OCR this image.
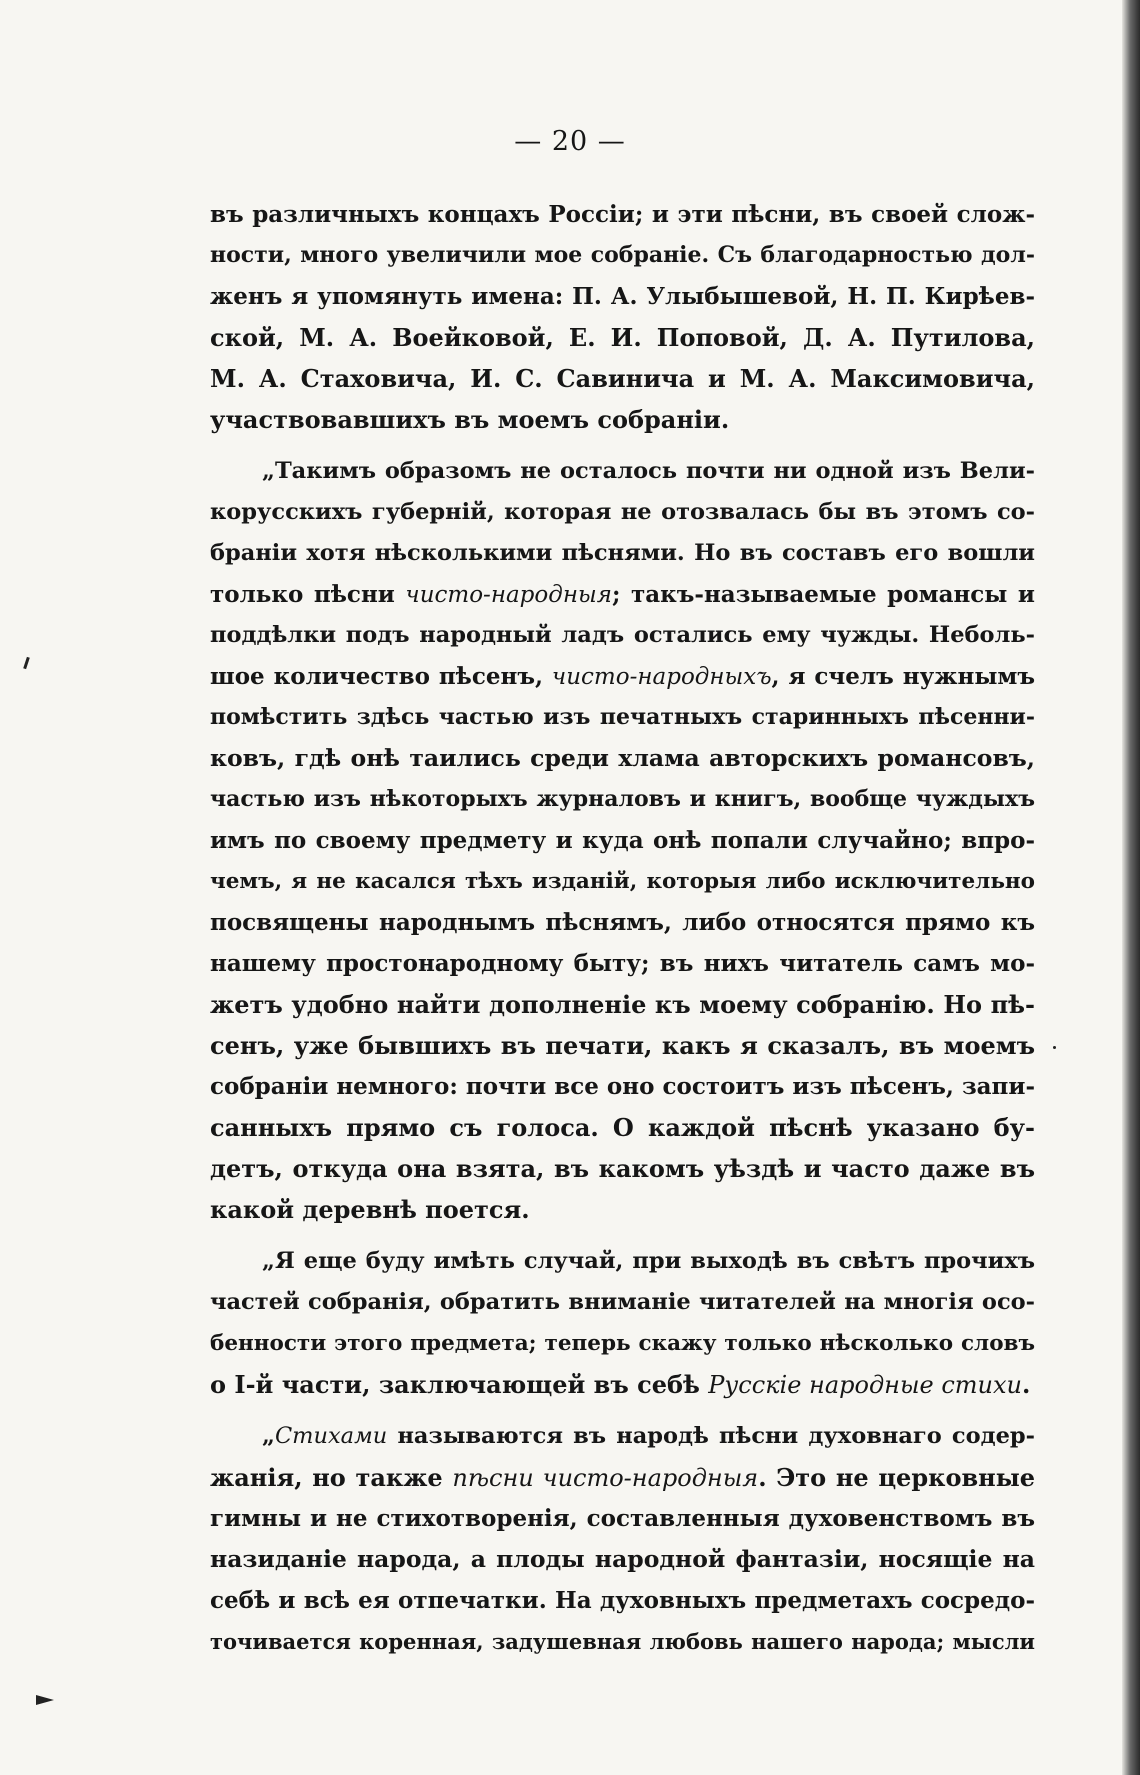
— 20 —
въ различныхъ концахъ Россіи; и эти пѣсни, въ своей слож-
ности, много увеличили мое собраніе. Съ благодарностью дол-
женъ я упомянуть имена: П. А. Улыбышевой, Н. П. Кирѣев-
ской, М. А. Воейковой, Е. И. Поповой, Д. А. Путилова,
М. А. Стаховича, И. С. Савинича и М. А. Максимовича,
участвовавшихъ въ моемъ собраніи.
„Такимъ образомъ не осталось почти ни одной изъ Вели-
корусскихъ губерній, которая не отозвалась бы въ этомъ со-
браніи хотя нѣсколькими пѣснями. Но въ составъ его вошли
только пѣсни чисто-народныя; такъ-называемые романсы и
поддѣлки подъ народный ладъ остались ему чужды. Неболь-
шое количество пѣсенъ, чисто-народныхъ, я счелъ нужнымъ
помѣстить здѣсь частью изъ печатныхъ старинныхъ пѣсенни-
ковъ, гдѣ онѣ таились среди хлама авторскихъ романсовъ,
частью изъ нѣкоторыхъ журналовъ и книгъ, вообще чуждыхъ
имъ по своему предмету и куда онѣ попали случайно; впро-
чемъ, я не касался тѣхъ изданій, которыя либо исключительно
посвящены народнымъ пѣснямъ, либо относятся прямо къ
нашему простонародному быту; въ нихъ читатель самъ мо-
жетъ удобно найти дополненіе къ моему собранію. Но пѣ-
сенъ, уже бывшихъ въ печати, какъ я сказалъ, въ моемъ
собраніи немного: почти все оно состоитъ изъ пѣсенъ, запи-
санныхъ прямо съ голоса. О каждой пѣснѣ указано бу-
детъ, откуда она взята, въ какомъ уѣздѣ и часто даже въ
какой деревнѣ поется.
„Я еще буду имѣть случай, при выходѣ въ свѣтъ прочихъ
частей собранія, обратить вниманіе читателей на многія осо-
бенности этого предмета; теперь скажу только нѣсколько словъ
о I-й части, заключающей въ себѣ Русскіе народные стихи.
„Стихами называются въ народѣ пѣсни духовнаго содер-
жанія, но также пѣсни чисто-народныя. Это не церковные
гимны и не стихотворенія, составленныя духовенствомъ въ
назиданіе народа, а плоды народной фантазіи, носящіе на
себѣ и всѣ ея отпечатки. На духовныхъ предметахъ сосредо-
точивается коренная, задушевная любовь нашего народа; мысли
